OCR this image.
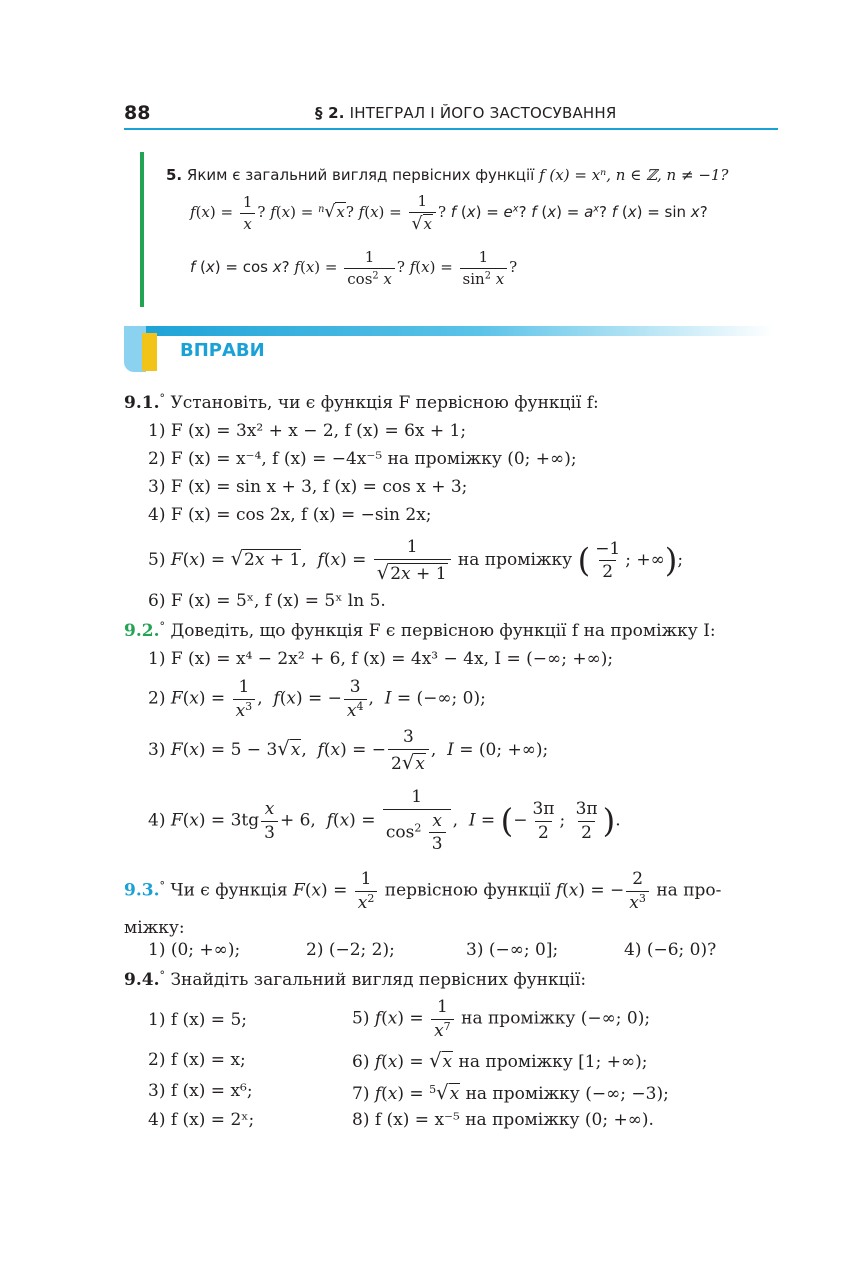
88	§ 2. ІНТЕГРАЛ І ЙОГО ЗАСТОСУВАННЯ
5. Яким є загальний вигляд первісних функції f (x) = xⁿ, n ∈ ℤ, n ≠ −1?
$f(x) = \frac{1}{x}$ ? f(x) = $^n$√x? $f(x) = \frac{1}{√x}$ ? f $(x) = e^x$? f $(x) = a^x$? f (x) = sin x?
f (x) = cos x? $f(x) = \frac{1}{\cos^2 x}$ ? $f(x) = \frac{1}{\sin^2 x}$ ?
ВПРАВИ
9.1.° Установіть, чи є функція F первісною функції f:
1) F (x) = 3x² + x − 2, f (x) = 6x + 1;
2) F (x) = x⁻⁴, f (x) = −4x⁻⁵ на проміжку (0; +∞);
3) F (x) = sin x + 3, f (x) = cos x + 3;
4) F (x) = cos 2x, f (x) = −sin 2x;
5) F(x) = √2x + 1,  $f(x) = \frac{1}{√2x + 1}$ на проміжку ( $\frac{-1}{2}$ ; +∞);
6) F (x) = 5ˣ, f (x) = 5ˣ ln 5.
9.2.° Доведіть, що функція F є первісною функції f на проміжку I:
1) F (x) = x⁴ − 2x² + 6, f (x) = 4x³ − 4x, I = (−∞; +∞);
2) $F(x) = \frac{1}{x^3}$ ,  f(x) = − $\frac{3}{x^4}$ ,  I = (−∞; 0);
3) F(x) = 5 − 3√x,  f(x) = − $\frac{3}{2√x}$ ,  I = (0; +∞);
4) $F(x) = 3tg \frac{x}{3} + 6$,  $f(x) = \frac{1}{\cos^2 \frac{x}{3}}$ ,  I = (− $\frac{3\pi}{2}$ ; $\frac{3\pi}{2}$ ).
9.3.° Чи є функція $F(x) = \frac{1}{x^2}$ первісною функції f(x) = − $\frac{2}{x^3}$ на про-
міжку:
1) (0; +∞);	2) (−2; 2);	3) (−∞; 0];	4) (−6; 0)?
9.4.° Знайдіть загальний вигляд первісних функції:
1) f (x) = 5;
2) f (x) = x;
3) f (x) = x⁶;
4) f (x) = 2ˣ;
5) $f(x) = \frac{1}{x^7}$ на проміжку (−∞; 0);
6) f(x) = √x на проміжку [1; +∞);
7) f(x) = $^5$√x на проміжку (−∞; −3);
8) f (x) = x⁻⁵ на проміжку (0; +∞).
